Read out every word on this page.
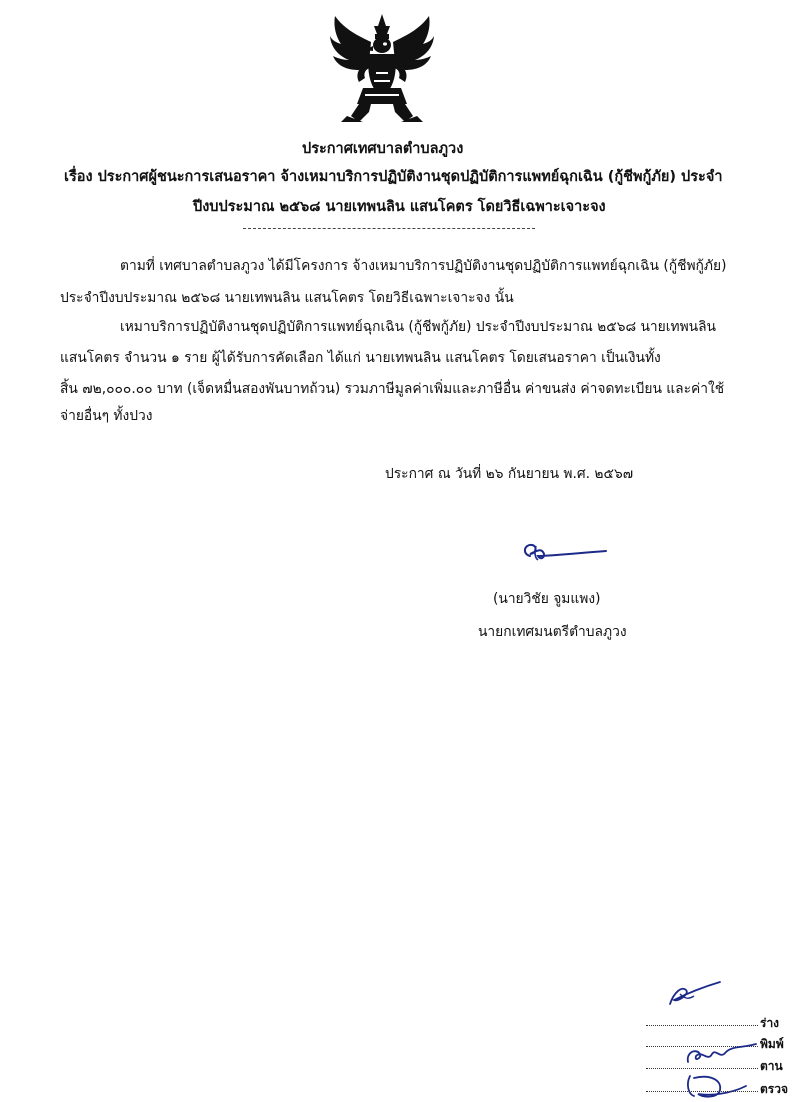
ประกาศเทศบาลตำบลภูวง
เรื่อง ประกาศผู้ชนะการเสนอราคา จ้างเหมาบริการปฏิบัติงานชุดปฏิบัติการแพทย์ฉุกเฉิน (กู้ชีพกู้ภัย) ประจำ
ปีงบประมาณ ๒๕๖๘ นายเทพนลิน แสนโคตร โดยวิธีเฉพาะเจาะจง
ตามที่ เทศบาลตำบลภูวง ได้มีโครงการ จ้างเหมาบริการปฏิบัติงานชุดปฏิบัติการแพทย์ฉุกเฉิน (กู้ชีพกู้ภัย)
ประจำปีงบประมาณ ๒๕๖๘ นายเทพนลิน แสนโคตร โดยวิธีเฉพาะเจาะจง นั้น
เหมาบริการปฏิบัติงานชุดปฏิบัติการแพทย์ฉุกเฉิน (กู้ชีพกู้ภัย) ประจำปีงบประมาณ ๒๕๖๘ นายเทพนลิน
แสนโคตร จำนวน ๑ ราย ผู้ได้รับการคัดเลือก ได้แก่ นายเทพนลิน แสนโคตร โดยเสนอราคา เป็นเงินทั้ง
สิ้น ๗๒,๐๐๐.๐๐ บาท (เจ็ดหมื่นสองพันบาทถ้วน) รวมภาษีมูลค่าเพิ่มและภาษีอื่น ค่าขนส่ง ค่าจดทะเบียน และค่าใช้
จ่ายอื่นๆ ทั้งปวง
ประกาศ ณ วันที่ ๒๖ กันยายน พ.ศ. ๒๕๖๗
(นายวิชัย จูมแพง)
นายกเทศมนตรีตำบลภูวง
ร่าง
พิมพ์
ตาน
ตรวจ
